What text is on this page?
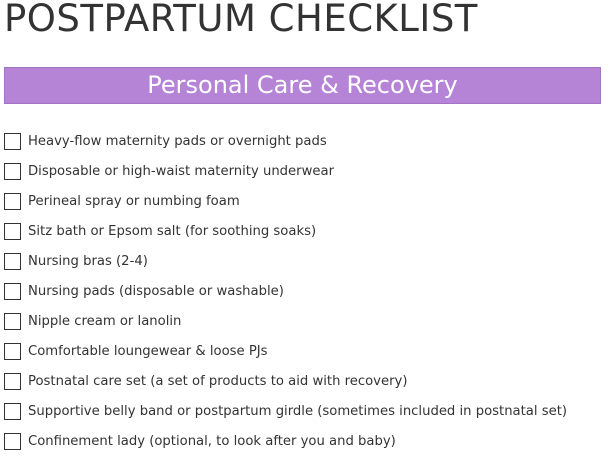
POSTPARTUM CHECKLIST
Personal Care & Recovery
Heavy-flow maternity pads or overnight pads
Disposable or high-waist maternity underwear
Perineal spray or numbing foam
Sitz bath or Epsom salt (for soothing soaks)
Nursing bras (2-4)
Nursing pads (disposable or washable)
Nipple cream or lanolin
Comfortable loungewear & loose PJs
Postnatal care set (a set of products to aid with recovery)
Supportive belly band or postpartum girdle (sometimes included in postnatal set)
Confinement lady (optional, to look after you and baby)
